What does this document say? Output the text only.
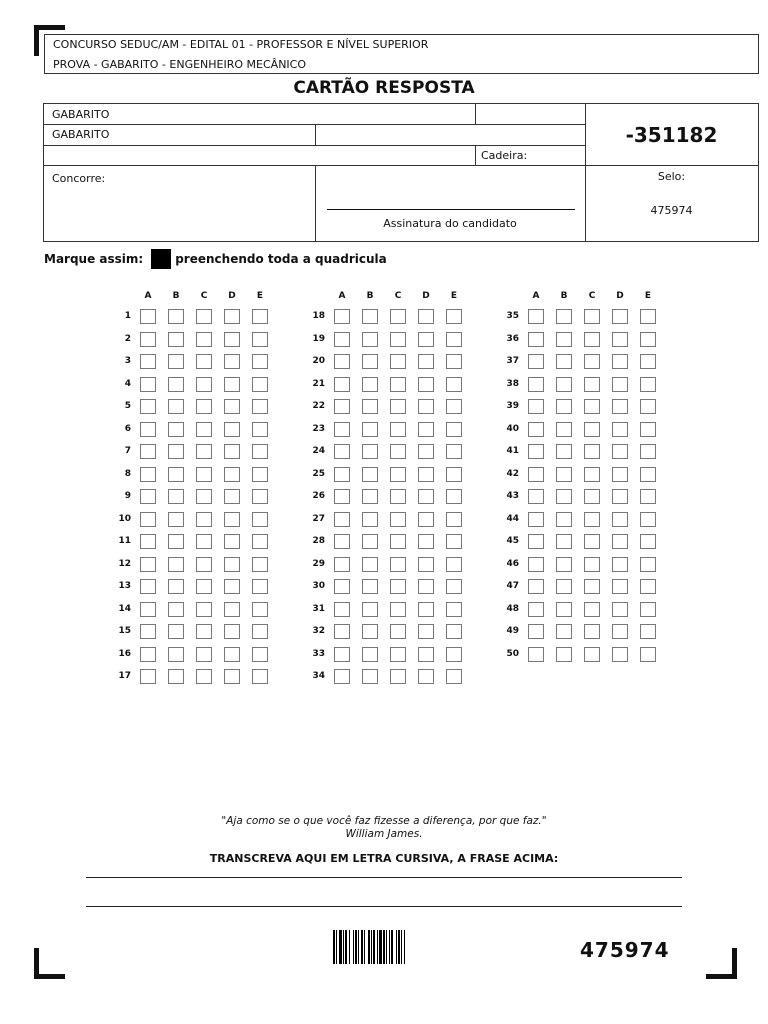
CONCURSO SEDUC/AM - EDITAL 01 - PROFESSOR E NÍVEL SUPERIOR
PROVA - GABARITO - ENGENHEIRO MECÂNICO
CARTÃO RESPOSTA
GABARITO
GABARITO
Cadeira:
Concorre:
Assinatura do candidato
-351182
Selo:
475974
Marque assim:	preenchendo toda a quadricula
A	B	C	D	E
1
2
3
4
5
6
7
8
9
10
11
12
13
14
15
16
17
A	B	C	D	E
18
19
20
21
22
23
24
25
26
27
28
29
30
31
32
33
34
A	B	C	D	E
35
36
37
38
39
40
41
42
43
44
45
46
47
48
49
50
"Aja como se o que você faz fizesse a diferença, por que faz."
William James.
TRANSCREVA AQUI EM LETRA CURSIVA, A FRASE ACIMA:
475974
